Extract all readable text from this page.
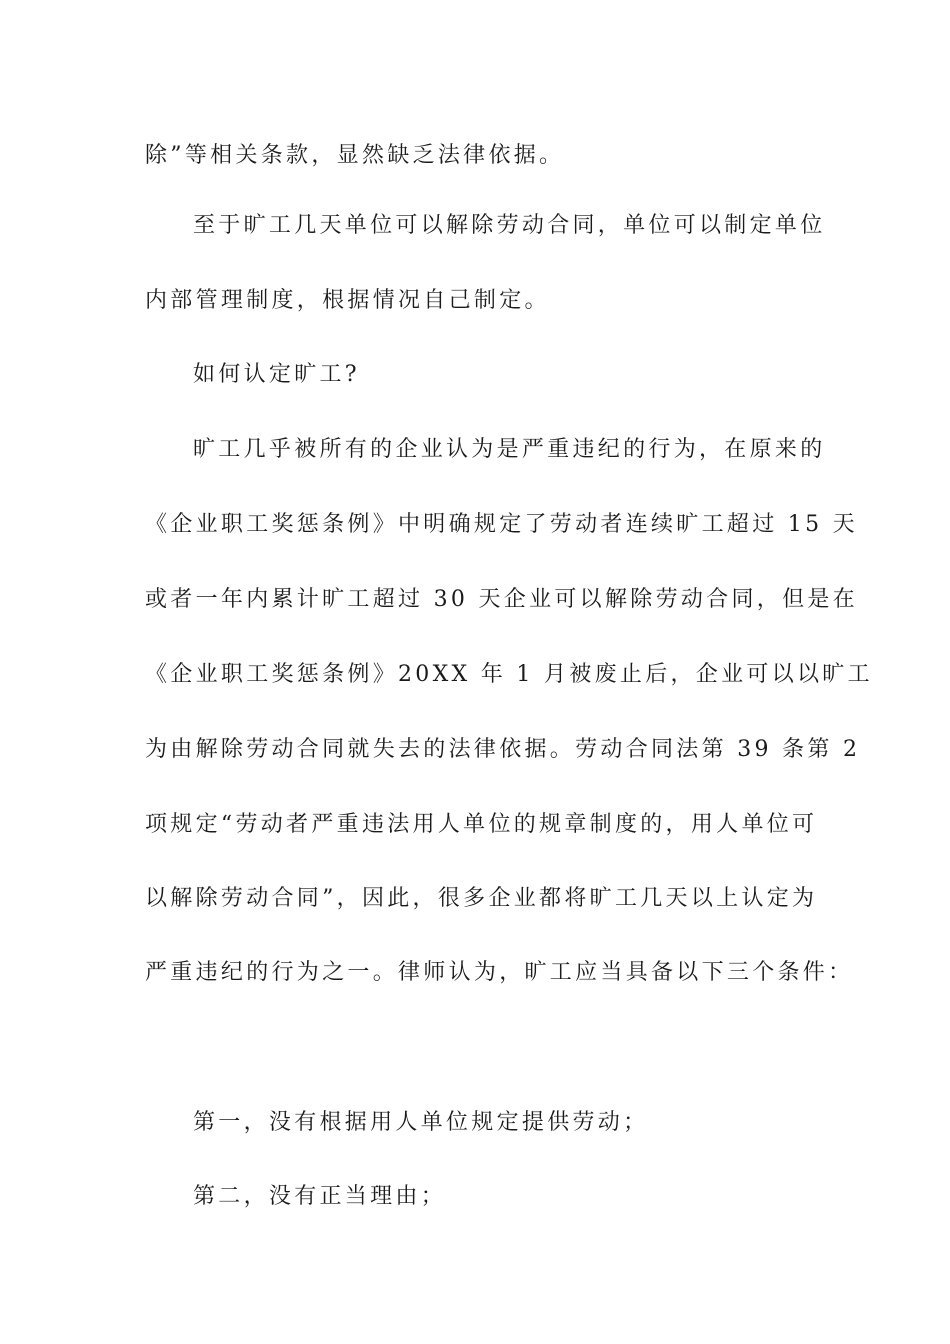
除”等相关条款，显然缺乏法律依据。
至于旷工几天单位可以解除劳动合同，单位可以制定单位
内部管理制度，根据情况自己制定。
如何认定旷工?
旷工几乎被所有的企业认为是严重违纪的行为，在原来的
《企业职工奖惩条例》中明确规定了劳动者连续旷工超过 15 天
或者一年内累计旷工超过 30 天企业可以解除劳动合同，但是在
《企业职工奖惩条例》20XX 年 1 月被废止后，企业可以以旷工
为由解除劳动合同就失去的法律依据。劳动合同法第 39 条第 2
项规定“劳动者严重违法用人单位的规章制度的，用人单位可
以解除劳动合同”，因此，很多企业都将旷工几天以上认定为
严重违纪的行为之一。律师认为，旷工应当具备以下三个条件：
第一，没有根据用人单位规定提供劳动；
第二，没有正当理由；
